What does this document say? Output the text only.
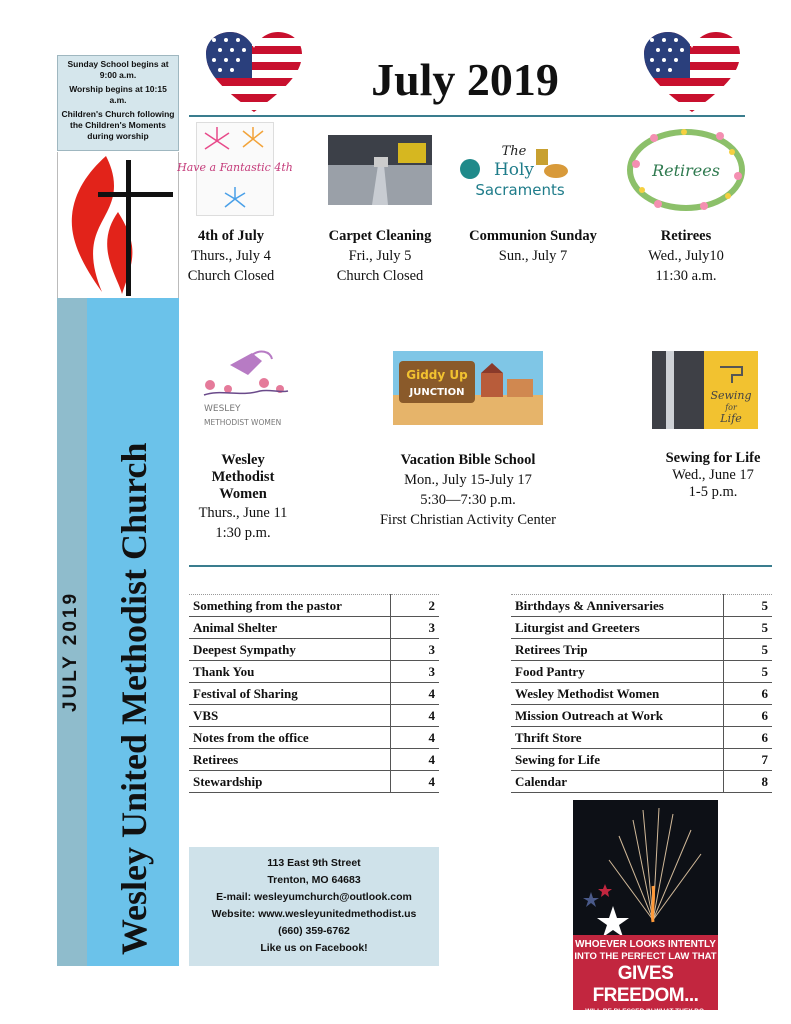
Sunday School begins at 9:00 a.m.

Worship begins at 10:15 a.m.

Children's Church following the Children's Moments during worship

Wesley United Methodist Church
JULY 2019
July 2019
Have a Fantastic 4th
The
Holy
Sacraments
Retirees
4th of July
Thurs., July 4
Church Closed
Carpet Cleaning
Fri., July 5
Church Closed
Communion Sunday
Sun., July 7
Retirees
Wed., July10
11:30 a.m.
WESLEY
METHODIST WOMEN
Giddy Up
JUNCTION	Sewing
for
Life
Wesley
Methodist
Women
Thurs., June 11
1:30 p.m.
Vacation Bible School
Mon., July 15-July 17
5:30—7:30 p.m.
First Christian Activity Center
Sewing for Life
Wed., June 17
1-5 p.m.
Something from the pastor	2
Animal Shelter	3
Deepest Sympathy	3
Thank You	3
Festival of Sharing	4
VBS	4
Notes from the office	4
Retirees	4
Stewardship	4
Birthdays & Anniversaries	5
Liturgist and Greeters	5
Retirees Trip	5
Food Pantry	5
Wesley Methodist Women	6
Mission Outreach at Work	6
Thrift Store	6
Sewing for Life	7
Calendar	8
113 East 9th Street
Trenton, MO 64683
E-mail: wesleyumchurch@outlook.com
Website: www.wesleyunitedmethodist.us
(660) 359-6762
Like us on Facebook!	WHOEVER LOOKS INTENTLY
INTO THE PERFECT LAW THAT
GIVES FREEDOM...
WILL BE BLESSED IN WHAT THEY DO.
JAMES 1:25 NIV
